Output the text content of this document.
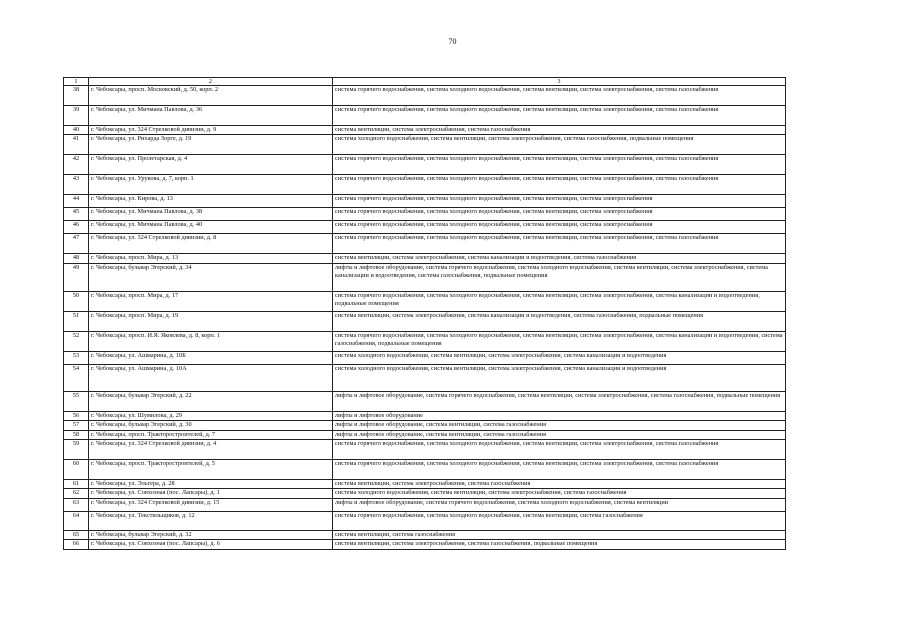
70
1	2	3
38	г. Чебоксары, просп. Московский, д. 50, корп. 2	система горячего водоснабжения, система холодного водоснабжения, система вентиляции, система электроснабжения, система газоснабжения
39	г. Чебоксары, ул. Мичмана Павлова, д. 36	система горячего водоснабжения, система холодного водоснабжения, система вентиляции, система электроснабжения, система газоснабжения
40	г. Чебоксары, ул. 324 Стрелковой дивизии, д. 9	система вентиляции, система электроснабжения, система газоснабжения
41	г. Чебоксары, ул. Рихарда Зорге, д. 19	система холодного водоснабжения, система вентиляции, система электроснабжения, система газоснабжения, подвальные помещения
42	г. Чебоксары, ул. Пролетарская, д. 4	система горячего водоснабжения, система холодного водоснабжения, система вентиляции, система электроснабжения, система газоснабжения
43	г. Чебоксары, ул. Урукова, д. 7, корп. 1	система горячего водоснабжения, система холодного водоснабжения, система вентиляции, система электроснабжения, система газоснабжения
44	г. Чебоксары, ул. Кирова, д. 13	система горячего водоснабжения, система холодного водоснабжения, система вентиляции, система электроснабжения
45	г. Чебоксары, ул. Мичмана Павлова, д. 38	система горячего водоснабжения, система холодного водоснабжения, система вентиляции, система электроснабжения
46	г. Чебоксары, ул. Мичмана Павлова, д. 40	система горячего водоснабжения, система холодного водоснабжения, система вентиляции, система электроснабжения
47	г. Чебоксары, ул. 324 Стрелковой дивизии, д. 8	система горячего водоснабжения, система холодного водоснабжения, система вентиляции, система электроснабжения, система газоснабжения
48	г. Чебоксары, просп. Мира, д. 13	система вентиляции, система электроснабжения, система канализации и водоотведения, система газоснабжения
49	г. Чебоксары, бульвар Эгерский, д. 34	лифты и лифтовое оборудование, система горячего водоснабжения, система холодного водоснабжения, система вентиляции, система электроснабжения, система канализации и водоотведения, система газоснабжения, подвальные помещения
50	г. Чебоксары, просп. Мира, д. 17	система горячего водоснабжения, система холодного водоснабжения, система вентиляции, система электроснабжения, система канализации и водоотведения, подвальные помещения
51	г. Чебоксары, просп. Мира, д. 19	система вентиляции, система электроснабжения, система канализации и водоотведения, система газоснабжения, подвальные помещения
52	г. Чебоксары, просп. И.Я. Яковлева, д. 8, корп. 1	система горячего водоснабжения, система холодного водоснабжения, система вентиляции, система электроснабжения, система канализации и водоотведения, система газоснабжения, подвальные помещения
53	г. Чебоксары, ул. Ашмарина, д. 10Б	система холодного водоснабжения, система вентиляции, система электроснабжения, система канализации и водоотведения
54	г. Чебоксары, ул. Ашмарина, д. 10А	система холодного водоснабжения, система вентиляции, система электроснабжения, система канализации и водоотведения
55	г. Чебоксары, бульвар Эгерский, д. 22	лифты и лифтовое оборудование, система горячего водоснабжения, система вентиляции, система электроснабжения, система газоснабжения, подвальные помещения
56	г. Чебоксары, ул. Шумилова, д. 29	лифты и лифтовое оборудование
57	г. Чебоксары, бульвар Эгерский, д. 30	лифты и лифтовое оборудование, система вентиляции, система газоснабжения
58	г. Чебоксары, просп. Тракторостроителей, д. 7	лифты и лифтовое оборудование, система вентиляции, система газоснабжения
59	г. Чебоксары, ул. 324 Стрелковой дивизии, д. 4	система горячего водоснабжения, система холодного водоснабжения, система вентиляции, система электроснабжения, система газоснабжения
60	г. Чебоксары, просп. Тракторостроителей, д. 5	система горячего водоснабжения, система холодного водоснабжения, система вентиляции, система электроснабжения, система газоснабжения
61	г. Чебоксары, ул. Эльгера, д. 28	система вентиляции, система электроснабжения, система газоснабжения
62	г. Чебоксары, ул. Совхозная (пос. Лапсары), д. 1	система холодного водоснабжения, система вентиляции, система электроснабжения, система газоснабжения
63	г. Чебоксары, ул. 324 Стрелковой дивизии, д. 15	лифты и лифтовое оборудование, система горячего водоснабжения, система холодного водоснабжения, система вентиляции
64	г. Чебоксары, ул. Текстильщиков, д. 12	система горячего водоснабжения, система холодного водоснабжения, система вентиляции, система газоснабжения
65	г. Чебоксары, бульвар Эгерский, д. 32	система вентиляции, система газоснабжения
66	г. Чебоксары, ул. Совхозная (пос. Лапсары), д. 6	система вентиляции, система электроснабжения, система газоснабжения, подвальные помещения
